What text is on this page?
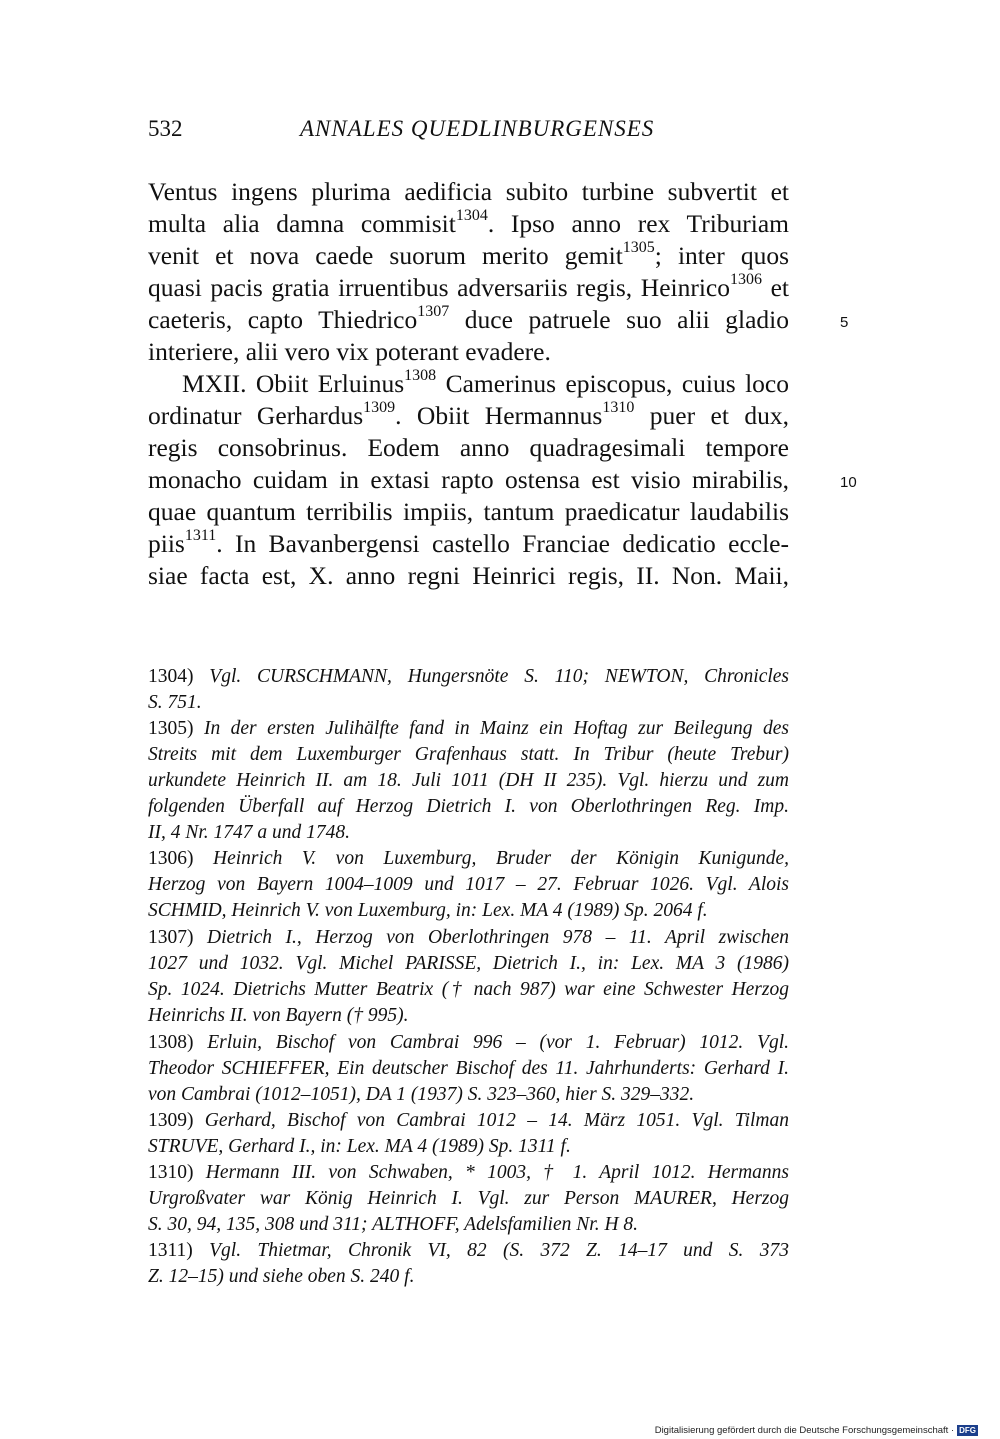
532	ANNALES QUEDLINBURGENSES
Ventus ingens plurima aedificia subito turbine subvertit et
multa alia damna commisit$^{1304}$. Ipso anno rex Triburiam
venit et nova caede suorum merito gemit$^{1305}$; inter quos
quasi pacis gratia irruentibus adversariis regis, Heinrico$^{1306}$ et
caeteris, capto Thiedrico$^{1307}$ duce patruele suo alii gladio
interiere, alii vero vix poterant evadere.
MXII. Obiit Erluinus$^{1308}$ Camerinus episcopus, cuius loco
ordinatur Gerhardus$^{1309}$. Obiit Hermannus$^{1310}$ puer et dux,
regis consobrinus. Eodem anno quadragesimali tempore
monacho cuidam in extasi rapto ostensa est visio mirabilis,
quae quantum terribilis impiis, tantum praedicatur laudabilis
piis$^{1311}$. In Bavanbergensi castello Franciae dedicatio eccle-
siae facta est, X. anno regni Heinrici regis, II. Non. Maii,
5
10
1304) Vgl. CURSCHMANN, Hungersnöte S. 110; NEWTON, Chronicles
S. 751.
1305) In der ersten Julihälfte fand in Mainz ein Hoftag zur Beilegung des
Streits mit dem Luxemburger Grafenhaus statt. In Tribur (heute Trebur)
urkundete Heinrich II. am 18. Juli 1011 (DH II 235). Vgl. hierzu und zum
folgenden Überfall auf Herzog Dietrich I. von Oberlothringen Reg. Imp.
II, 4 Nr. 1747 a und 1748.
1306) Heinrich V. von Luxemburg, Bruder der Königin Kunigunde,
Herzog von Bayern 1004–1009 und 1017 – 27. Februar 1026. Vgl. Alois
SCHMID, Heinrich V. von Luxemburg, in: Lex. MA 4 (1989) Sp. 2064 f.
1307) Dietrich I., Herzog von Oberlothringen 978 – 11. April zwischen
1027 und 1032. Vgl. Michel PARISSE, Dietrich I., in: Lex. MA 3 (1986)
Sp. 1024. Dietrichs Mutter Beatrix († nach 987) war eine Schwester Herzog
Heinrichs II. von Bayern († 995).
1308) Erluin, Bischof von Cambrai 996 – (vor 1. Februar) 1012. Vgl.
Theodor SCHIEFFER, Ein deutscher Bischof des 11. Jahrhunderts: Gerhard I.
von Cambrai (1012–1051), DA 1 (1937) S. 323–360, hier S. 329–332.
1309) Gerhard, Bischof von Cambrai 1012 – 14. März 1051. Vgl. Tilman
STRUVE, Gerhard I., in: Lex. MA 4 (1989) Sp. 1311 f.
1310) Hermann III. von Schwaben, * 1003, † 1. April 1012. Hermanns
Urgroßvater war König Heinrich I. Vgl. zur Person MAURER, Herzog
S. 30, 94, 135, 308 und 311; ALTHOFF, Adelsfamilien Nr. H 8.
1311) Vgl. Thietmar, Chronik VI, 82 (S. 372 Z. 14–17 und S. 373
Z. 12–15) und siehe oben S. 240 f.
Digitalisierung gefördert durch die Deutsche Forschungsgemeinschaft · DFG
